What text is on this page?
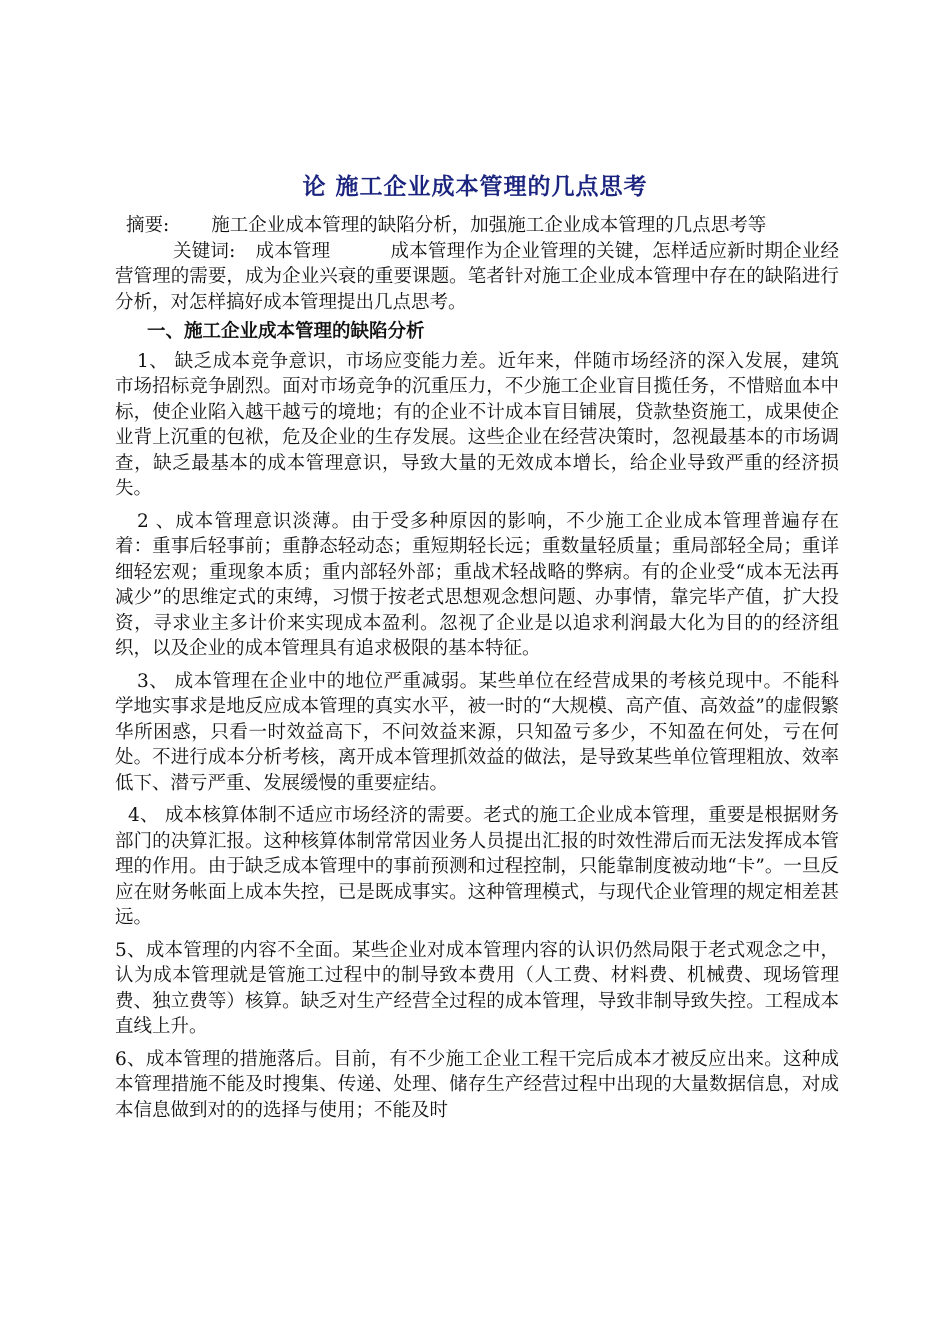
论 施工企业成本管理的几点思考

摘要: 施工企业成本管理的缺陷分析，加强施工企业成本管理的几点思考等

关键词: 成本管理	成本管理作为企业管理的关键，怎样适应新时期企业经营管理的需要，成为企业兴衰的重要课题。笔者针对施工企业成本管理中存在的缺陷进行分析，对怎样搞好成本管理提出几点思考。

一、施工企业成本管理的缺陷分析

1、 缺乏成本竞争意识，市场应变能力差。近年来，伴随市场经济的深入发展，建筑市场招标竞争剧烈。面对市场竞争的沉重压力，不少施工企业盲目揽任务，不惜赔血本中标，使企业陷入越干越亏的境地；有的企业不计成本盲目铺展，贷款垫资施工，成果使企业背上沉重的包袱，危及企业的生存发展。这些企业在经营决策时，忽视最基本的市场调查，缺乏最基本的成本管理意识，导致大量的无效成本增长，给企业导致严重的经济损失。

2 、成本管理意识淡薄。由于受多种原因的影响，不少施工企业成本管理普遍存在着：重事后轻事前；重静态轻动态；重短期轻长远；重数量轻质量；重局部轻全局；重详细轻宏观；重现象本质；重内部轻外部；重战术轻战略的弊病。有的企业受“成本无法再减少”的思维定式的束缚，习惯于按老式思想观念想问题、办事情，靠完毕产值，扩大投资，寻求业主多计价来实现成本盈利。忽视了企业是以追求利润最大化为目的的经济组织，以及企业的成本管理具有追求极限的基本特征。

3、 成本管理在企业中的地位严重减弱。某些单位在经营成果的考核兑现中。不能科学地实事求是地反应成本管理的真实水平，被一时的“大规模、高产值、高效益”的虚假繁华所困惑，只看一时效益高下，不问效益来源，只知盈亏多少，不知盈在何处，亏在何处。不进行成本分析考核，离开成本管理抓效益的做法，是导致某些单位管理粗放、效率低下、潜亏严重、发展缓慢的重要症结。

4、 成本核算体制不适应市场经济的需要。老式的施工企业成本管理，重要是根据财务部门的决算汇报。这种核算体制常常因业务人员提出汇报的时效性滞后而无法发挥成本管理的作用。由于缺乏成本管理中的事前预测和过程控制，只能靠制度被动地“卡”。一旦反应在财务帐面上成本失控，已是既成事实。这种管理模式，与现代企业管理的规定相差甚远。

5、成本管理的内容不全面。某些企业对成本管理内容的认识仍然局限于老式观念之中，认为成本管理就是管施工过程中的制导致本费用（人工费、材料费、机械费、现场管理费、独立费等）核算。缺乏对生产经营全过程的成本管理，导致非制导致失控。工程成本直线上升。

6、成本管理的措施落后。目前，有不少施工企业工程干完后成本才被反应出来。这种成本管理措施不能及时搜集、传递、处理、储存生产经营过程中出现的大量数据信息，对成本信息做到对的的选择与使用；不能及时
